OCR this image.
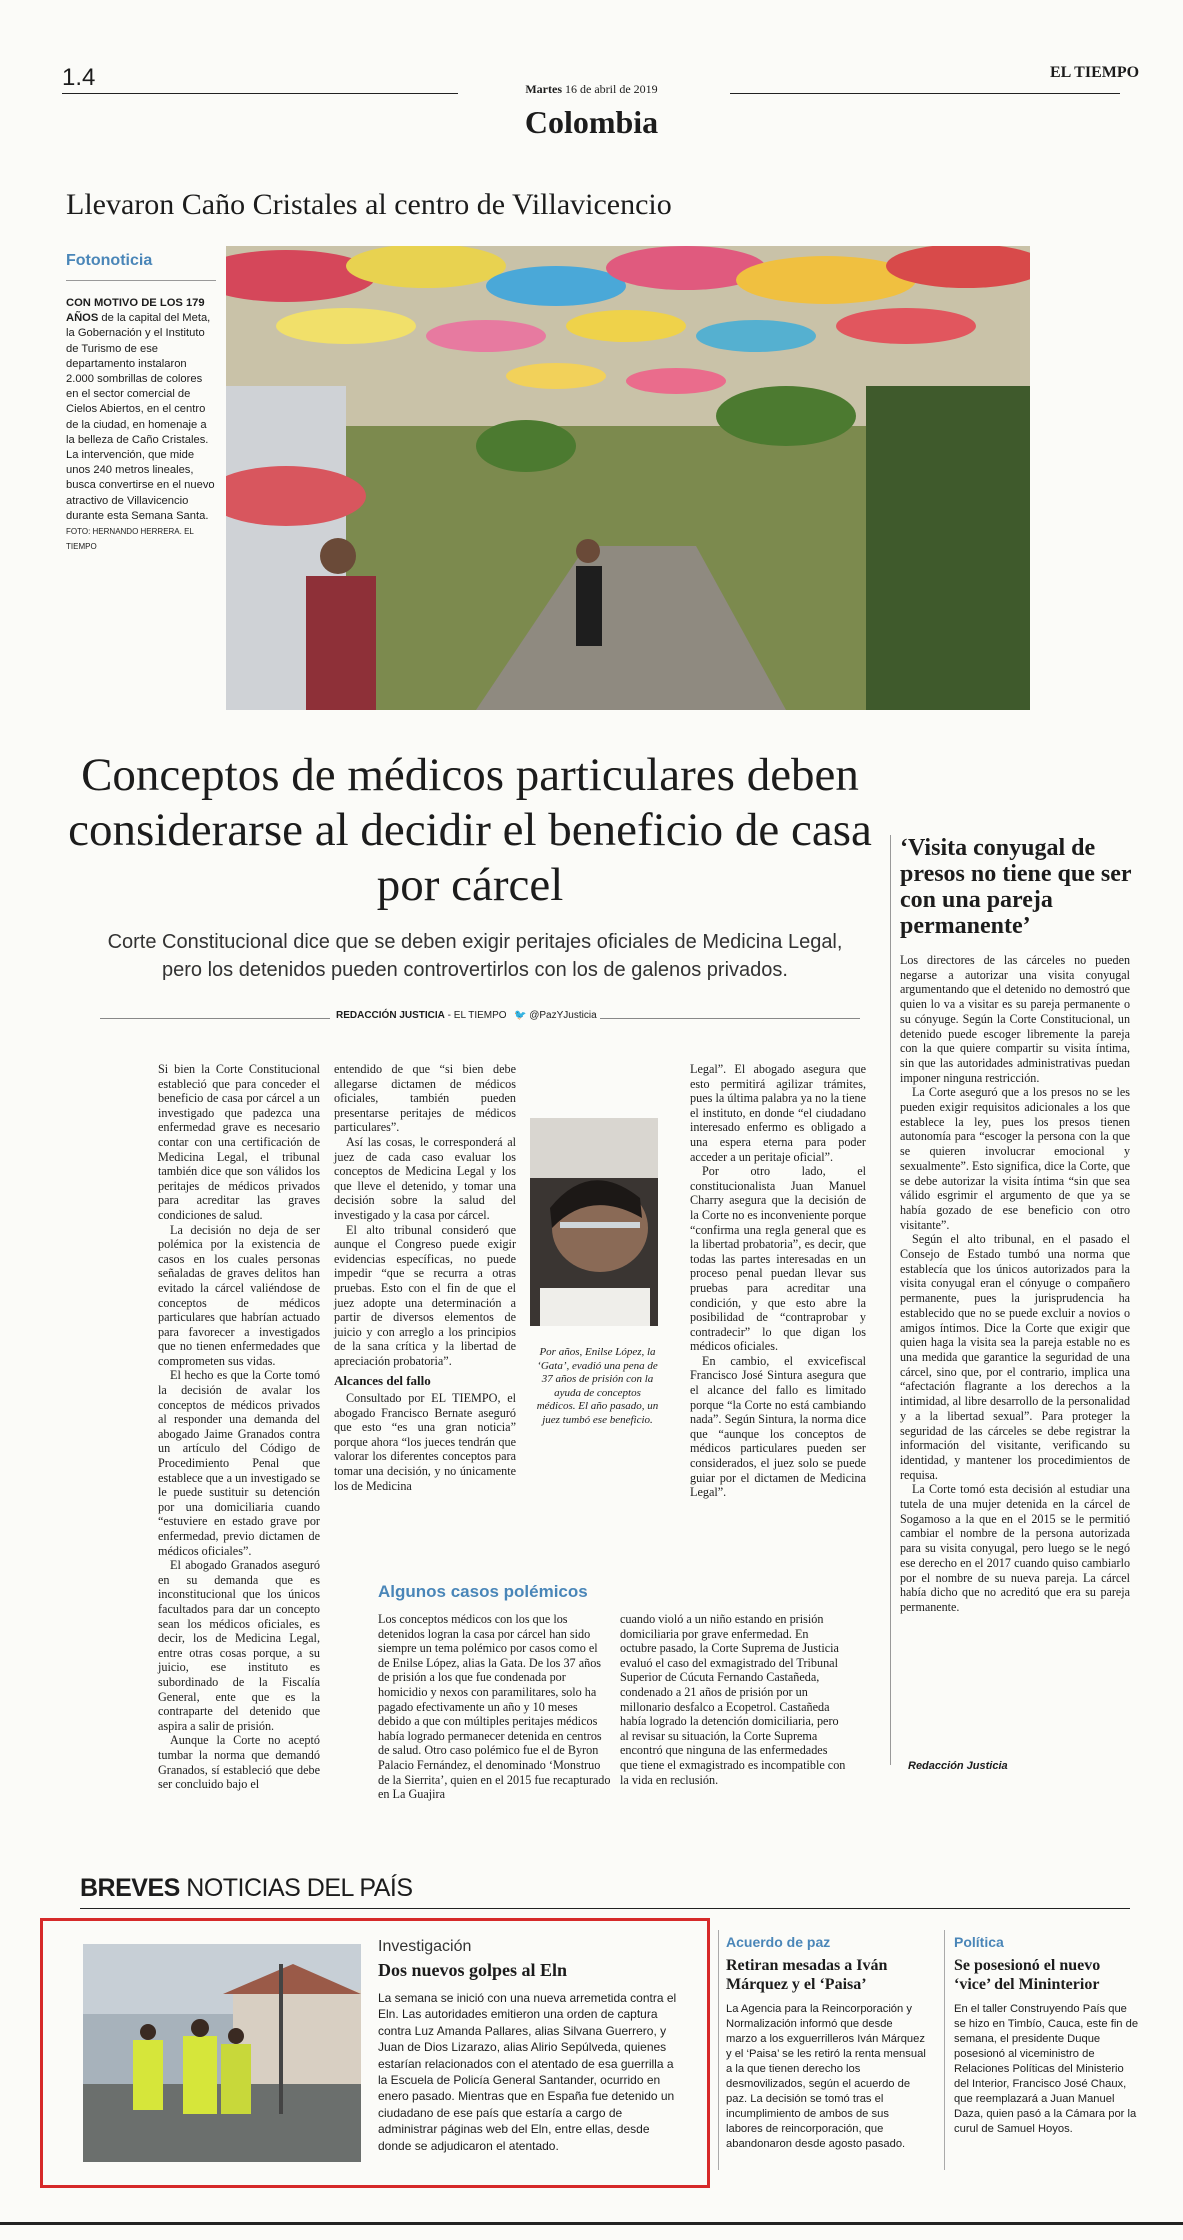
1.4	Martes 16 de abril de 2019
EL TIEMPO
Colombia
Llevaron Caño Cristales al centro de Villavicencio
Fotonoticia
CON MOTIVO DE LOS 179 AÑOS de la capital del Meta, la Gobernación y el Instituto de Turismo de ese departamento instalaron 2.000 sombrillas de colores en el sector comercial de Cielos Abiertos, en el centro de la ciudad, en homenaje a la belleza de Caño Cristales. La intervención, que mide unos 240 metros lineales, busca convertirse en el nuevo atractivo de Villavicencio durante esta Semana Santa. FOTO: HERNANDO HERRERA. EL TIEMPO
Conceptos de médicos particulares deben considerarse al decidir el beneficio de casa por cárcel
Corte Constitucional dice que se deben exigir peritajes oficiales de Medicina Legal, pero los detenidos pueden controvertirlos con los de galenos privados.
REDACCIÓN JUSTICIA - EL TIEMPO 🐦 @PazYJusticia

Si bien la Corte Constitucional estableció que para conceder el beneficio de casa por cárcel a un investigado que padezca una enfermedad grave es necesario contar con una certificación de Medicina Legal, el tribunal también dice que son válidos los peritajes de médicos privados para acreditar las graves condiciones de salud.

La decisión no deja de ser polémica por la existencia de casos en los cuales personas señaladas de graves delitos han evitado la cárcel valiéndose de conceptos de médicos particulares que habrían actuado para favorecer a investigados que no tienen enfermedades que comprometen sus vidas.

El hecho es que la Corte tomó la decisión de avalar los conceptos de médicos privados al responder una demanda del abogado Jaime Granados contra un artículo del Código de Procedimiento Penal que establece que a un investigado se le puede sustituir su detención por una domiciliaria cuando “estuviere en estado grave por enfermedad, previo dictamen de médicos oficiales”.

El abogado Granados aseguró en su demanda que es inconstitucional que los únicos facultados para dar un concepto sean los médicos oficiales, es decir, los de Medicina Legal, entre otras cosas porque, a su juicio, ese instituto es subordinado de la Fiscalía General, ente que es la contraparte del detenido que aspira a salir de prisión.

Aunque la Corte no aceptó tumbar la norma que demandó Granados, sí estableció que debe ser concluido bajo el

entendido de que “si bien debe allegarse dictamen de médicos oficiales, también pueden presentarse peritajes de médicos particulares”.

Así las cosas, le corresponderá al juez de cada caso evaluar los conceptos de Medicina Legal y los que lleve el detenido, y tomar una decisión sobre la salud del investigado y la casa por cárcel.

El alto tribunal consideró que aunque el Congreso puede exigir evidencias específicas, no puede impedir “que se recurra a otras pruebas. Esto con el fin de que el juez adopte una determinación a partir de diversos elementos de juicio y con arreglo a los principios de la sana crítica y la libertad de apreciación probatoria”.

Alcances del fallo

Consultado por EL TIEMPO, el abogado Francisco Bernate aseguró que esto “es una gran noticia” porque ahora “los jueces tendrán que valorar los diferentes conceptos para tomar una decisión, y no únicamente los de Medicina

Por años, Enilse López, la ‘Gata’, evadió una pena de 37 años de prisión con la ayuda de conceptos médicos. El año pasado, un juez tumbó ese beneficio.

Legal”. El abogado asegura que esto permitirá agilizar trámites, pues la última palabra ya no la tiene el instituto, en donde “el ciudadano interesado enfermo es obligado a una espera eterna para poder acceder a un peritaje oficial”.

Por otro lado, el constitucionalista Juan Manuel Charry asegura que la decisión de la Corte no es inconveniente porque “confirma una regla general que es la libertad probatoria”, es decir, que todas las partes interesadas en un proceso penal puedan llevar sus pruebas para acreditar una condición, y que esto abre la posibilidad de “contraprobar y contradecir” lo que digan los médicos oficiales.

En cambio, el exvicefiscal Francisco José Sintura asegura que el alcance del fallo es limitado porque “la Corte no está cambiando nada”. Según Sintura, la norma dice que “aunque los conceptos de médicos particulares pueden ser considerados, el juez solo se puede guiar por el dictamen de Medicina Legal”.

Algunos casos polémicos

Los conceptos médicos con los que los detenidos logran la casa por cárcel han sido siempre un tema polémico por casos como el de Enilse López, alias la Gata. De los 37 años de prisión a los que fue condenada por homicidio y nexos con paramilitares, solo ha pagado efectivamente un año y 10 meses debido a que con múltiples peritajes médicos había logrado permanecer detenida en centros de salud. Otro caso polémico fue el de Byron Palacio Fernández, el denominado ‘Monstruo de la Sierrita’, quien en el 2015 fue recapturado en La Guajira

cuando violó a un niño estando en prisión domiciliaria por grave enfermedad. En octubre pasado, la Corte Suprema de Justicia evaluó el caso del exmagistrado del Tribunal Superior de Cúcuta Fernando Castañeda, condenado a 21 años de prisión por un millonario desfalco a Ecopetrol. Castañeda había logrado la detención domiciliaria, pero al revisar su situación, la Corte Suprema encontró que ninguna de las enfermedades que tiene el exmagistrado es incompatible con la vida en reclusión.

‘Visita conyugal de presos no tiene que ser con una pareja permanente’

Los directores de las cárceles no pueden negarse a autorizar una visita conyugal argumentando que el detenido no demostró que quien lo va a visitar es su pareja permanente o su cónyuge. Según la Corte Constitucional, un detenido puede escoger libremente la pareja con la que quiere compartir su visita íntima, sin que las autoridades administrativas puedan imponer ninguna restricción.

La Corte aseguró que a los presos no se les pueden exigir requisitos adicionales a los que establece la ley, pues los presos tienen autonomía para “escoger la persona con la que se quieren involucrar emocional y sexualmente”. Esto significa, dice la Corte, que se debe autorizar la visita íntima “sin que sea válido esgrimir el argumento de que ya se había gozado de ese beneficio con otro visitante”.

Según el alto tribunal, en el pasado el Consejo de Estado tumbó una norma que establecía que los únicos autorizados para la visita conyugal eran el cónyuge o compañero permanente, pues la jurisprudencia ha establecido que no se puede excluir a novios o amigos íntimos. Dice la Corte que exigir que quien haga la visita sea la pareja estable no es una medida que garantice la seguridad de una cárcel, sino que, por el contrario, implica una “afectación flagrante a los derechos a la intimidad, al libre desarrollo de la personalidad y a la libertad sexual”. Para proteger la seguridad de las cárceles se debe registrar la información del visitante, verificando su identidad, y mantener los procedimientos de requisa.

La Corte tomó esta decisión al estudiar una tutela de una mujer detenida en la cárcel de Sogamoso a la que en el 2015 se le permitió cambiar el nombre de la persona autorizada para su visita conyugal, pero luego se le negó ese derecho en el 2017 cuando quiso cambiarlo por el nombre de su nueva pareja. La cárcel había dicho que no acreditó que era su pareja permanente.

Redacción Justicia
BREVES NOTICIAS DEL PAÍS
Investigación
Dos nuevos golpes al Eln
La semana se inició con una nueva arremetida contra el Eln. Las autoridades emitieron una orden de captura contra Luz Amanda Pallares, alias Silvana Guerrero, y Juan de Dios Lizarazo, alias Alirio Sepúlveda, quienes estarían relacionados con el atentado de esa guerrilla a la Escuela de Policía General Santander, ocurrido en enero pasado. Mientras que en España fue detenido un ciudadano de ese país que estaría a cargo de administrar páginas web del Eln, entre ellas, desde donde se adjudicaron el atentado.
Acuerdo de paz
Retiran mesadas a Iván Márquez y el ‘Paisa’
La Agencia para la Reincorporación y Normalización informó que desde marzo a los exguerrilleros Iván Márquez y el ‘Paisa’ se les retiró la renta mensual a la que tienen derecho los desmovilizados, según el acuerdo de paz. La decisión se tomó tras el incumplimiento de ambos de sus labores de reincorporación, que abandonaron desde agosto pasado.
Política
Se posesionó el nuevo ‘vice’ del Mininterior
En el taller Construyendo País que se hizo en Timbío, Cauca, este fin de semana, el presidente Duque posesionó al viceministro de Relaciones Políticas del Ministerio del Interior, Francisco José Chaux, que reemplazará a Juan Manuel Daza, quien pasó a la Cámara por la curul de Samuel Hoyos.
